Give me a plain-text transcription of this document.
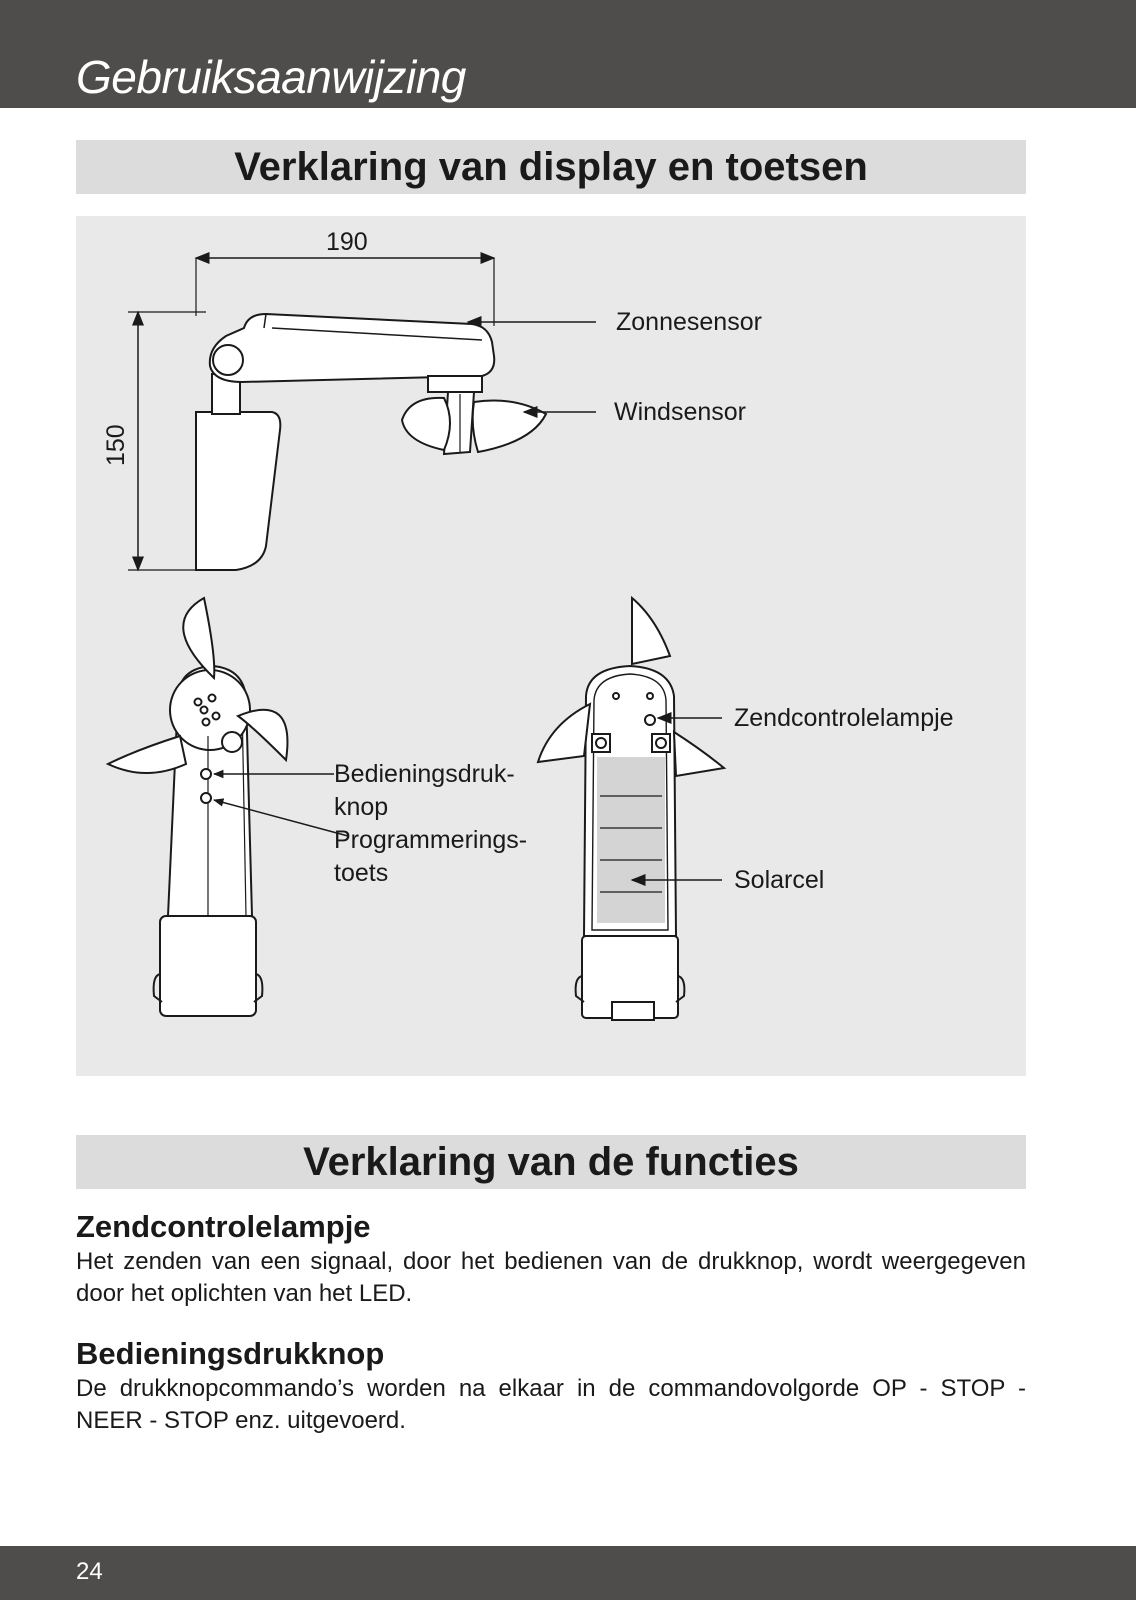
Gebruiksaanwijzing
Verklaring van display en toetsen
190
150
Zonnesensor
Windsensor
Bedieningsdruk-
knop
Programmerings-
toets
Zendcontrolelampje
Solarcel
Verklaring van de functies
Zendcontrolelampje

Het zenden van een signaal, door het bedienen van de drukknop, wordt weergegeven door het oplichten van het LED.

Bedieningsdrukknop

De drukknopcommando’s worden na elkaar in de commandovolgorde OP - STOP - NEER - STOP enz. uitgevoerd.

24
